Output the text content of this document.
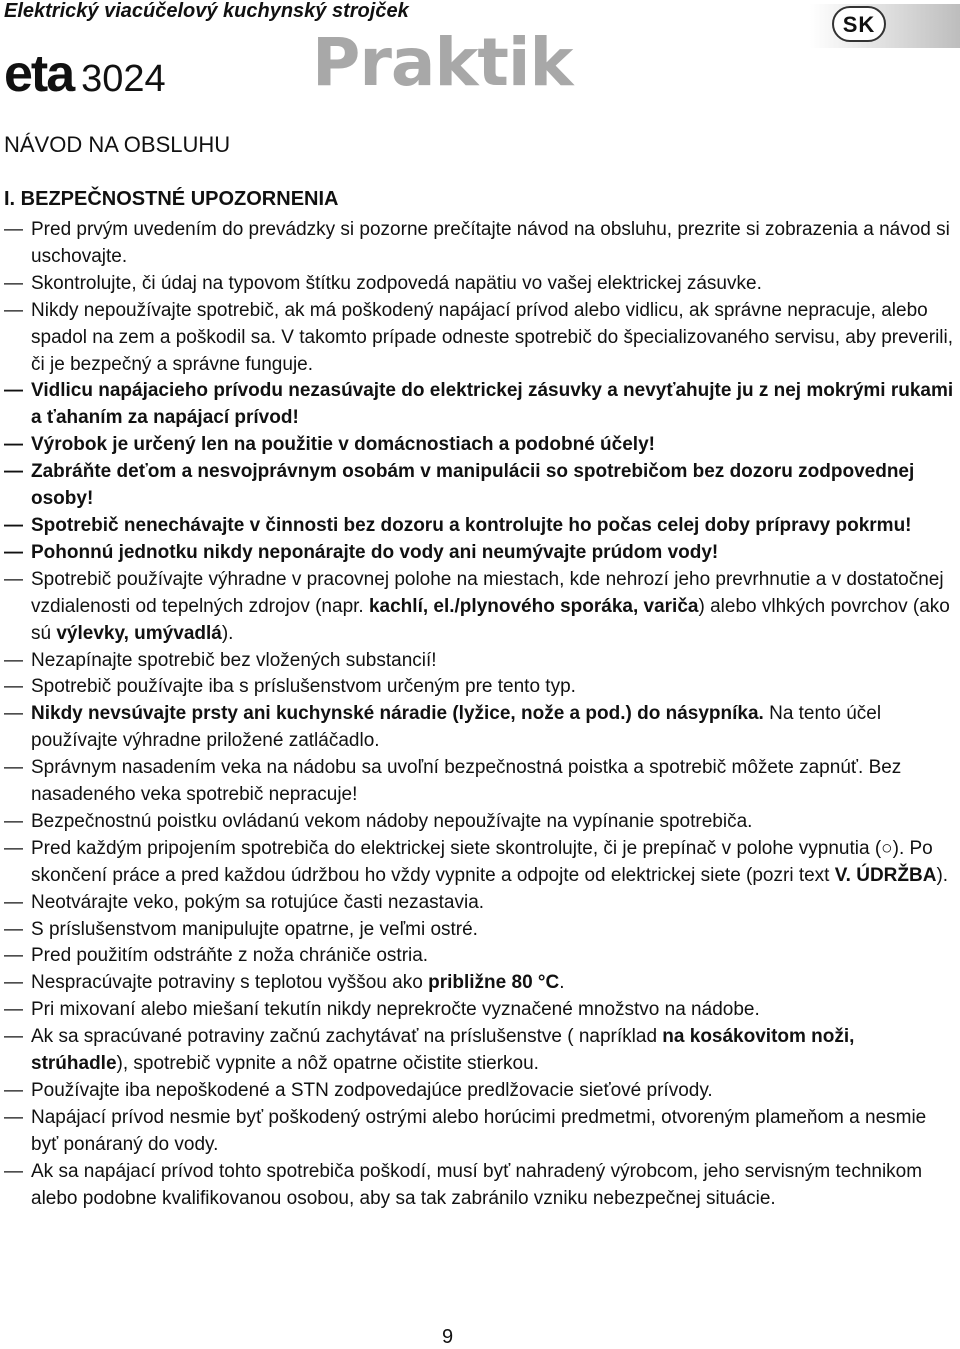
Elektrický viacúčelový kuchynský strojček

SK
eta 3024 Praktik
NÁVOD NA OBSLUHU
I. BEZPEČNOSTNÉ UPOZORNENIA
— Pred prvým uvedením do prevádzky si pozorne prečítajte návod na obsluhu, prezrite si zobrazenia a návod si uschovajte.
— Skontrolujte, či údaj na typovom štítku zodpovedá napätiu vo vašej elektrickej zásuvke.
— Nikdy nepoužívajte spotrebič, ak má poškodený napájací prívod alebo vidlicu, ak správne nepracuje, alebo spadol na zem a poškodil sa. V takomto prípade odneste spotrebič do špecializovaného servisu, aby preverili, či je bezpečný a správne funguje.
— Vidlicu napájacieho prívodu nezasúvajte do elektrickej zásuvky a nevyťahujte ju z nej mokrými rukami a ťahaním za napájací prívod!
— Výrobok je určený len na použitie v domácnostiach a podobné účely!
— Zabráňte deťom a nesvojprávnym osobám v manipulácii so spotrebičom bez dozoru zodpovednej osoby!
— Spotrebič nenechávajte v činnosti bez dozoru a kontrolujte ho počas celej doby prípravy pokrmu!
— Pohonnú jednotku nikdy neponárajte do vody ani neumývajte prúdom vody!
— Spotrebič používajte výhradne v pracovnej polohe na miestach, kde nehrozí jeho prevrhnutie a v dostatočnej vzdialenosti od tepelných zdrojov (napr. kachlí, el./plynového sporáka, variča) alebo vlhkých povrchov (ako sú výlevky, umývadlá).
— Nezapínajte spotrebič bez vložených substancií!
— Spotrebič používajte iba s príslušenstvom určeným pre tento typ.
— Nikdy nevsúvajte prsty ani kuchynské náradie (lyžice, nože a pod.) do násypníka. Na tento účel používajte výhradne priložené zatláčadlo.
— Správnym nasadením veka na nádobu sa uvoľní bezpečnostná poistka a spotrebič môžete zapnúť. Bez nasadeného veka spotrebič nepracuje!
— Bezpečnostnú poistku ovládanú vekom nádoby nepoužívajte na vypínanie spotrebiča.
— Pred každým pripojením spotrebiča do elektrickej siete skontrolujte, či je prepínač v polohe vypnutia (○). Po skončení práce a pred každou údržbou ho vždy vypnite a odpojte od elektrickej siete (pozri text V. ÚDRŽBA).
— Neotvárajte veko, pokým sa rotujúce časti nezastavia.
— S príslušenstvom manipulujte opatrne, je veľmi ostré.
— Pred použitím odstráňte z noža chrániče ostria.
— Nespracúvajte potraviny s teplotou vyššou ako približne 80 °C.
— Pri mixovaní alebo miešaní tekutín nikdy neprekročte vyznačené množstvo na nádobe.
— Ak sa spracúvané potraviny začnú zachytávať na príslušenstve ( napríklad na kosákovitom noži, strúhadle), spotrebič vypnite a nôž opatrne očistite stierkou.
— Používajte iba nepoškodené a STN zodpovedajúce predlžovacie sieťové prívody.
— Napájací prívod nesmie byť poškodený ostrými alebo horúcimi predmetmi, otvoreným plameňom a nesmie byť ponáraný do vody.
— Ak sa napájací prívod tohto spotrebiča poškodí, musí byť nahradený výrobcom, jeho servisným technikom alebo podobne kvalifikovanou osobou, aby sa tak zabránilo vzniku nebezpečnej situácie.
9
